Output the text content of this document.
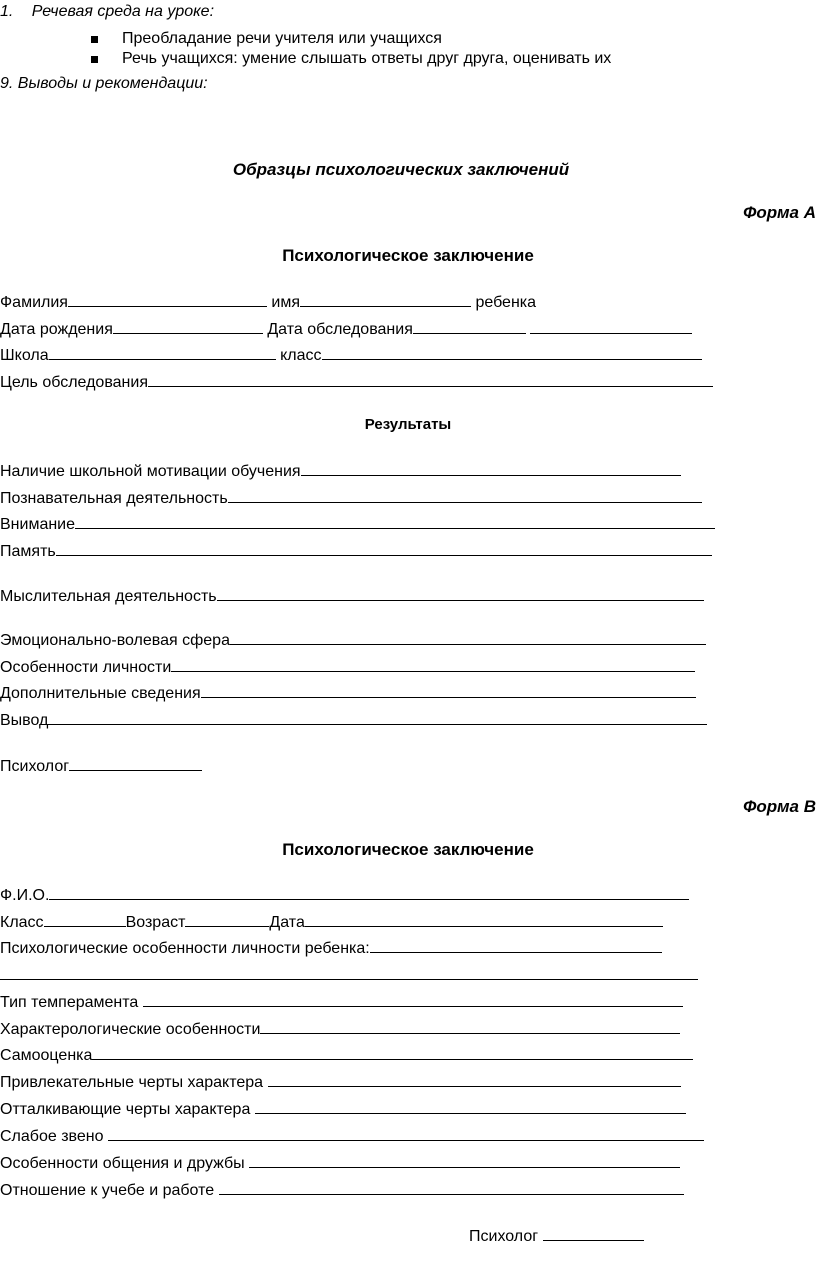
1. Речевая среда на уроке:
Преобладание речи учителя или учащихся
Речь учащихся: умение слышать ответы друг друга, оценивать их
9. Выводы и рекомендации:
Образцы психологических заключений
Форма А
Психологическое заключение
Фамилия	имя	ребенка
Дата рождения	Дата обследования
Школа	класс
Цель обследования
Результаты
Наличие школьной мотивации обучения
Познавательная деятельность
Внимание
Память
Мыслительная деятельность
Эмоционально-волевая сфера
Особенности личности
Дополнительные сведения
Вывод
Психолог
Форма В
Психологическое заключение
Ф.И.О.
Класс	Возраст	Дата
Психологические особенности личности ребенка:
Тип темперамента
Характерологические особенности
Самооценка
Привлекательные черты характера
Отталкивающие черты характера
Слабое звено
Особенности общения и дружбы
Отношение к учебе и работе
Психолог
